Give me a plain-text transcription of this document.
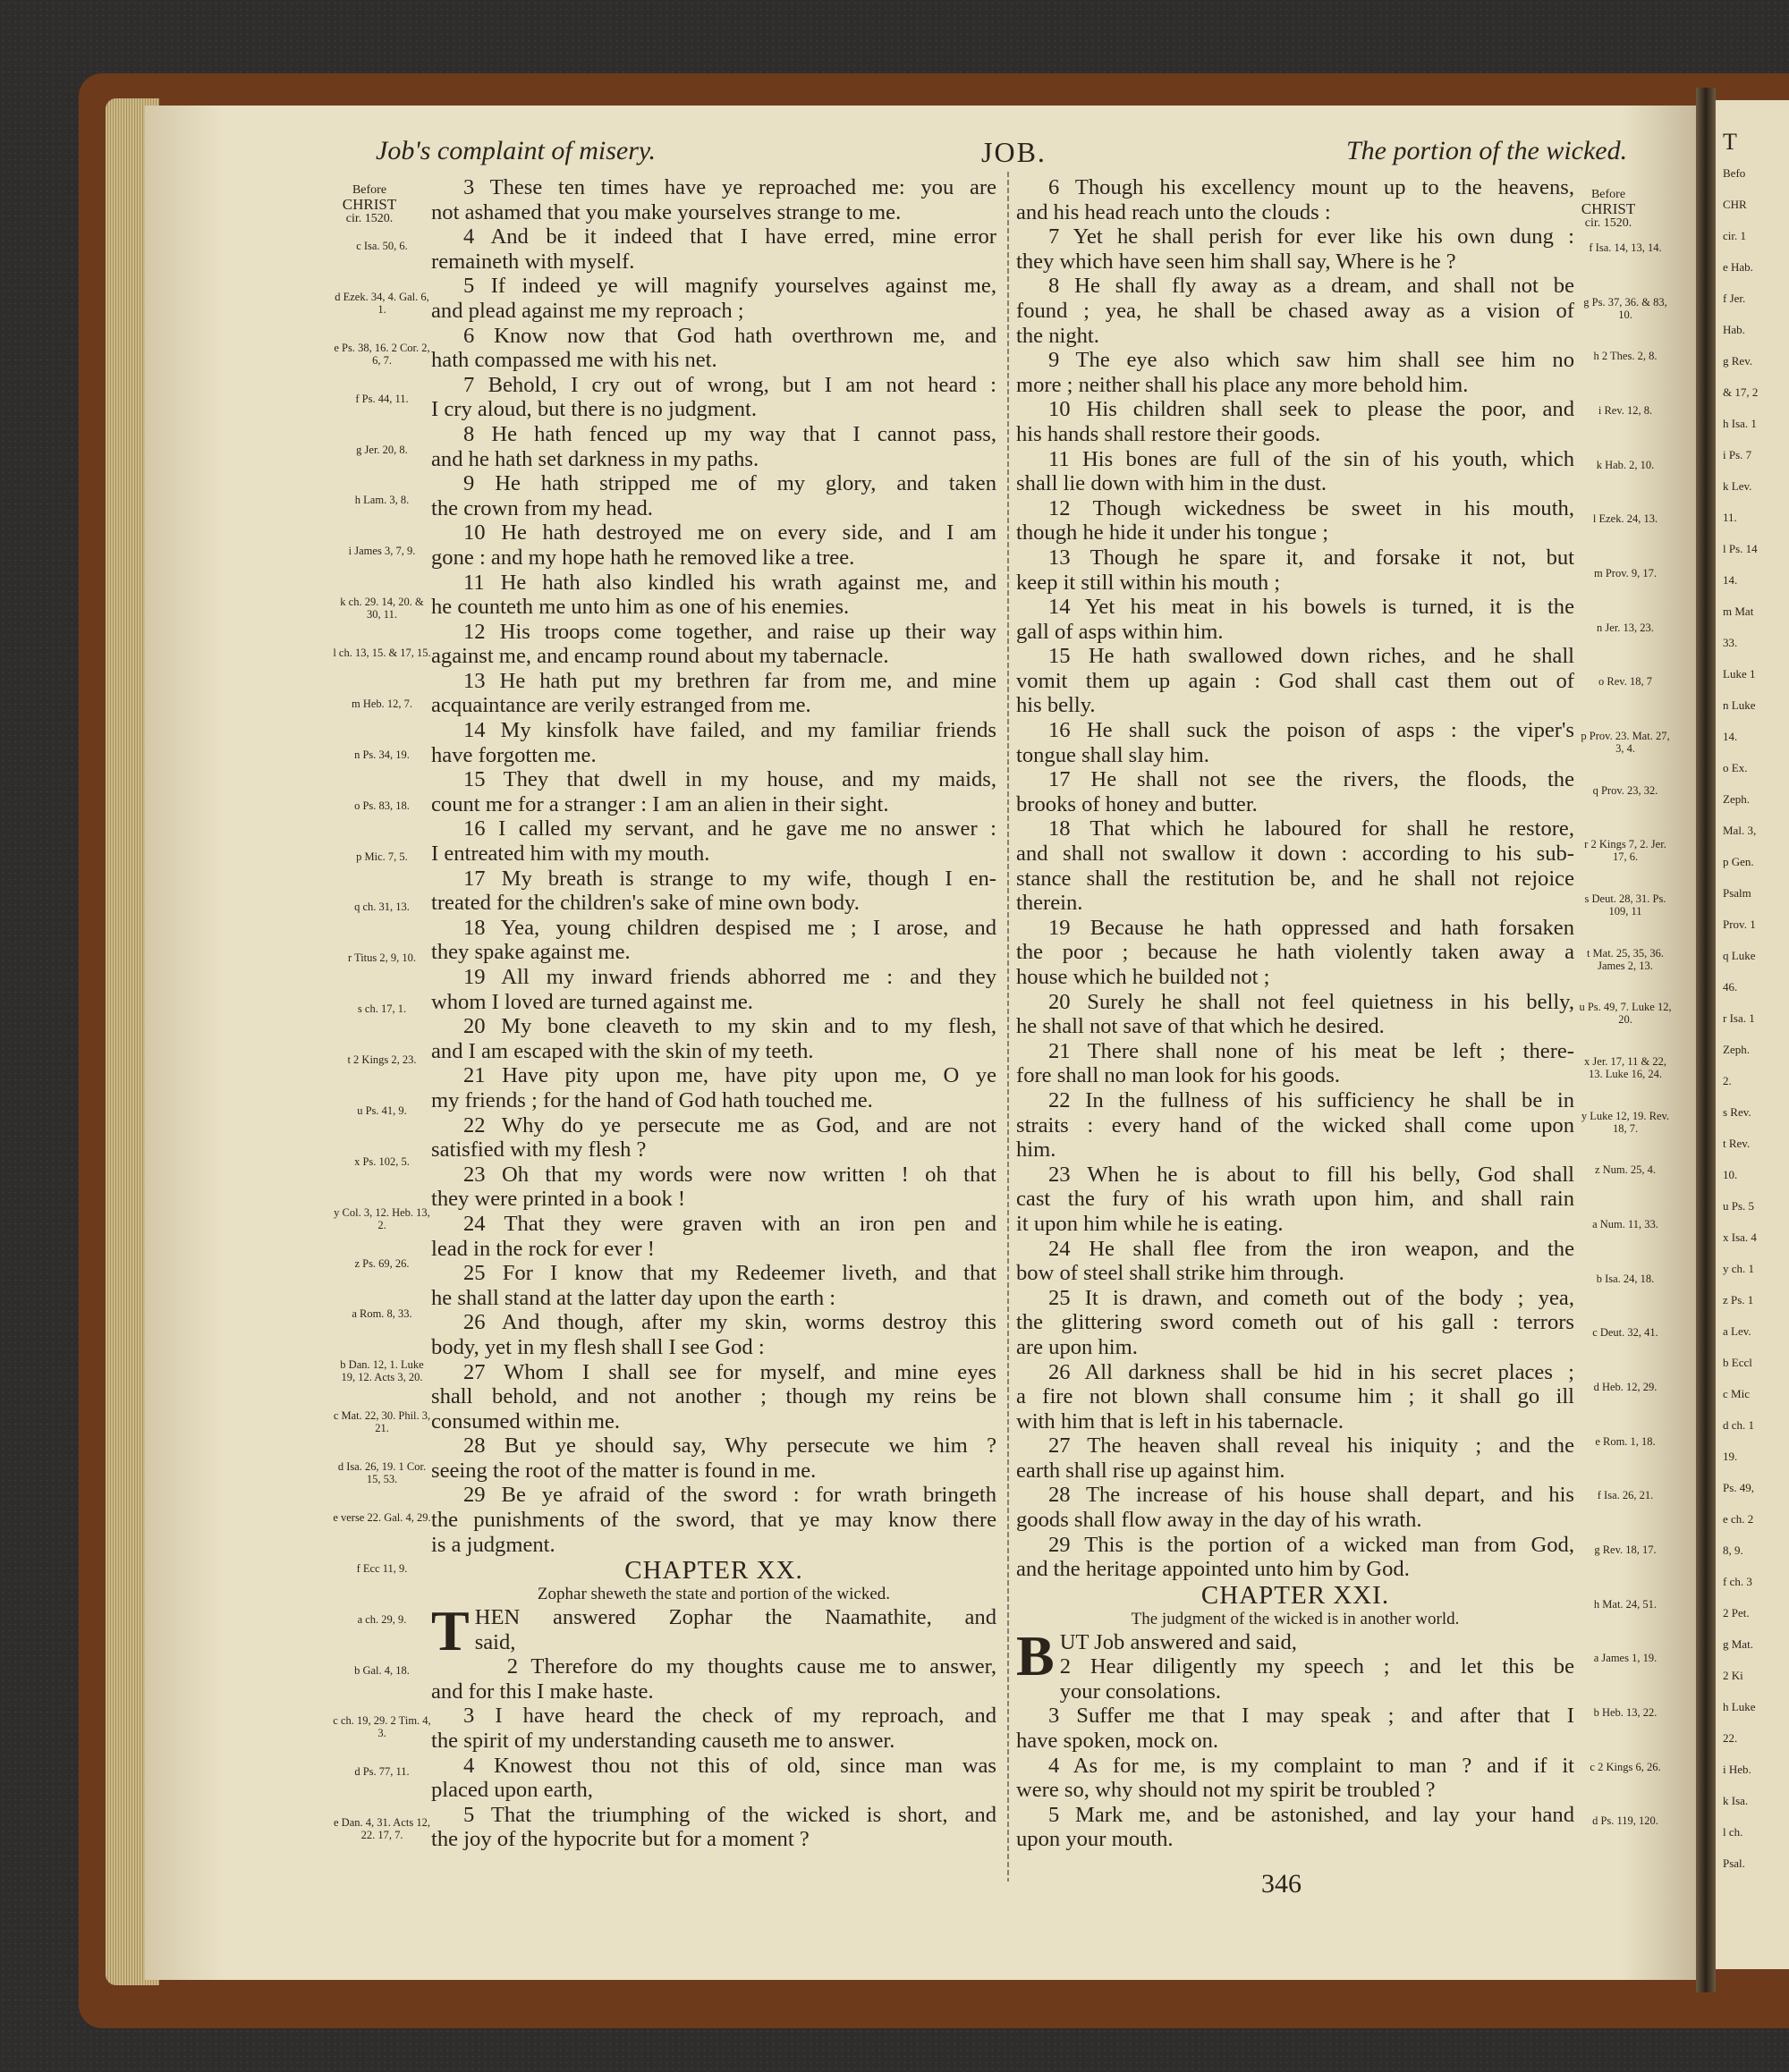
T
Befo
CHR
cir. 1
e Hab.
f Jer.
Hab.
g Rev.
& 17, 2
h Isa. 1
i Ps. 7
k Lev.
11.
l Ps. 14
14.
m Mat
33.
Luke 1
n Luke
14.
o Ex.
Zeph.
Mal. 3,
p Gen.
Psalm
Prov. 1
q Luke
46.
r Isa. 1
Zeph.
2.
s Rev.
t Rev.
10.
u Ps. 5
x Isa. 4
y ch. 1
z Ps. 1
a Lev.
b Eccl
c Mic
d ch. 1
19.
Ps. 49,
e ch. 2
8, 9.
f ch. 3
2 Pet.
g Mat.
2 Ki
h Luke
22.
i Heb.
k Isa.
l ch.
Psal.
Job's complaint of misery.	JOB.	The portion of the wicked.
Before
CHRIST
cir. 1520.
Before
CHRIST
cir. 1520.
c Isa. 50, 6.
d Ezek. 34, 4. Gal. 6, 1.
e Ps. 38, 16. 2 Cor. 2, 6, 7.
f Ps. 44, 11.
g Jer. 20, 8.
h Lam. 3, 8.
i James 3, 7, 9.
k ch. 29. 14, 20. & 30, 11.
l ch. 13, 15. & 17, 15.
m Heb. 12, 7.
n Ps. 34, 19.
o Ps. 83, 18.
p Mic. 7, 5.
q ch. 31, 13.
r Titus 2, 9, 10.
s ch. 17, 1.
t 2 Kings 2, 23.
u Ps. 41, 9.
x Ps. 102, 5.
y Col. 3, 12. Heb. 13, 2.
z Ps. 69, 26.
a Rom. 8, 33.
b Dan. 12, 1. Luke 19, 12. Acts 3, 20.
c Mat. 22, 30. Phil. 3, 21.
d Isa. 26, 19. 1 Cor. 15, 53.
e verse 22. Gal. 4, 29.
f Ecc 11, 9.
a ch. 29, 9.
b Gal. 4, 18.
c ch. 19, 29. 2 Tim. 4, 3.
d Ps. 77, 11.
e Dan. 4, 31. Acts 12, 22. 17, 7.
f Isa. 14, 13, 14.
g Ps. 37, 36. & 83, 10.
h 2 Thes. 2, 8.
i Rev. 12, 8.
k Hab. 2, 10.
l Ezek. 24, 13.
m Prov. 9, 17.
n Jer. 13, 23.
o Rev. 18, 7
p Prov. 23. Mat. 27, 3, 4.
q Prov. 23, 32.
r 2 Kings 7, 2. Jer. 17, 6.
s Deut. 28, 31. Ps. 109, 11
t Mat. 25, 35, 36. James 2, 13.
u Ps. 49, 7. Luke 12, 20.
x Jer. 17, 11 & 22, 13. Luke 16, 24.
y Luke 12, 19. Rev. 18, 7.
z Num. 25, 4.
a Num. 11, 33.
b Isa. 24, 18.
c Deut. 32, 41.
d Heb. 12, 29.
e Rom. 1, 18.
f Isa. 26, 21.
g Rev. 18, 17.
h Mat. 24, 51.
a James 1, 19.
b Heb. 13, 22.
c 2 Kings 6, 26.
d Ps. 119, 120.
3 These ten times have ye reproached me: you are
not ashamed that you make yourselves strange to me.
4 And be it indeed that I have erred, mine error
remaineth with myself.
5 If indeed ye will magnify yourselves against me,
and plead against me my reproach ;
6 Know now that God hath overthrown me, and
hath compassed me with his net.
7 Behold, I cry out of wrong, but I am not heard :
I cry aloud, but there is no judgment.
8 He hath fenced up my way that I cannot pass,
and he hath set darkness in my paths.
9 He hath stripped me of my glory, and taken
the crown from my head.
10 He hath destroyed me on every side, and I am
gone : and my hope hath he removed like a tree.
11 He hath also kindled his wrath against me, and
he counteth me unto him as one of his enemies.
12 His troops come together, and raise up their way
against me, and encamp round about my tabernacle.
13 He hath put my brethren far from me, and mine
acquaintance are verily estranged from me.
14 My kinsfolk have failed, and my familiar friends
have forgotten me.
15 They that dwell in my house, and my maids,
count me for a stranger : I am an alien in their sight.
16 I called my servant, and he gave me no answer :
I entreated him with my mouth.
17 My breath is strange to my wife, though I en-
treated for the children's sake of mine own body.
18 Yea, young children despised me ; I arose, and
they spake against me.
19 All my inward friends abhorred me : and they
whom I loved are turned against me.
20 My bone cleaveth to my skin and to my flesh,
and I am escaped with the skin of my teeth.
21 Have pity upon me, have pity upon me, O ye
my friends ; for the hand of God hath touched me.
22 Why do ye persecute me as God, and are not
satisfied with my flesh ?
23 Oh that my words were now written ! oh that
they were printed in a book !
24 That they were graven with an iron pen and
lead in the rock for ever !
25 For I know that my Redeemer liveth, and that
he shall stand at the latter day upon the earth :
26 And though, after my skin, worms destroy this
body, yet in my flesh shall I see God :
27 Whom I shall see for myself, and mine eyes
shall behold, and not another ; though my reins be
consumed within me.
28 But ye should say, Why persecute we him ?
seeing the root of the matter is found in me.
29 Be ye afraid of the sword : for wrath bringeth
the punishments of the sword, that ye may know there
is a judgment.
CHAPTER XX.
Zophar sheweth the state and portion of the wicked.
T HEN answered Zophar the Naamathite, and
said,
2 Therefore do my thoughts cause me to answer,
and for this I make haste.
3 I have heard the check of my reproach, and
the spirit of my understanding causeth me to answer.
4 Knowest thou not this of old, since man was
placed upon earth,
5 That the triumphing of the wicked is short, and
the joy of the hypocrite but for a moment ?
6 Though his excellency mount up to the heavens,
and his head reach unto the clouds :
7 Yet he shall perish for ever like his own dung :
they which have seen him shall say, Where is he ?
8 He shall fly away as a dream, and shall not be
found ; yea, he shall be chased away as a vision of
the night.
9 The eye also which saw him shall see him no
more ; neither shall his place any more behold him.
10 His children shall seek to please the poor, and
his hands shall restore their goods.
11 His bones are full of the sin of his youth, which
shall lie down with him in the dust.
12 Though wickedness be sweet in his mouth,
though he hide it under his tongue ;
13 Though he spare it, and forsake it not, but
keep it still within his mouth ;
14 Yet his meat in his bowels is turned, it is the
gall of asps within him.
15 He hath swallowed down riches, and he shall
vomit them up again : God shall cast them out of
his belly.
16 He shall suck the poison of asps : the viper's
tongue shall slay him.
17 He shall not see the rivers, the floods, the
brooks of honey and butter.
18 That which he laboured for shall he restore,
and shall not swallow it down : according to his sub-
stance shall the restitution be, and he shall not rejoice
therein.
19 Because he hath oppressed and hath forsaken
the poor ; because he hath violently taken away a
house which he builded not ;
20 Surely he shall not feel quietness in his belly,
he shall not save of that which he desired.
21 There shall none of his meat be left ; there-
fore shall no man look for his goods.
22 In the fullness of his sufficiency he shall be in
straits : every hand of the wicked shall come upon
him.
23 When he is about to fill his belly, God shall
cast the fury of his wrath upon him, and shall rain
it upon him while he is eating.
24 He shall flee from the iron weapon, and the
bow of steel shall strike him through.
25 It is drawn, and cometh out of the body ; yea,
the glittering sword cometh out of his gall : terrors
are upon him.
26 All darkness shall be hid in his secret places ;
a fire not blown shall consume him ; it shall go ill
with him that is left in his tabernacle.
27 The heaven shall reveal his iniquity ; and the
earth shall rise up against him.
28 The increase of his house shall depart, and his
goods shall flow away in the day of his wrath.
29 This is the portion of a wicked man from God,
and the heritage appointed unto him by God.
CHAPTER XXI.
The judgment of the wicked is in another world.
B UT Job answered and said,
2 Hear diligently my speech ; and let this be
your consolations.
3 Suffer me that I may speak ; and after that I
have spoken, mock on.
4 As for me, is my complaint to man ? and if it
were so, why should not my spirit be troubled ?
5 Mark me, and be astonished, and lay your hand
upon your mouth.
346
